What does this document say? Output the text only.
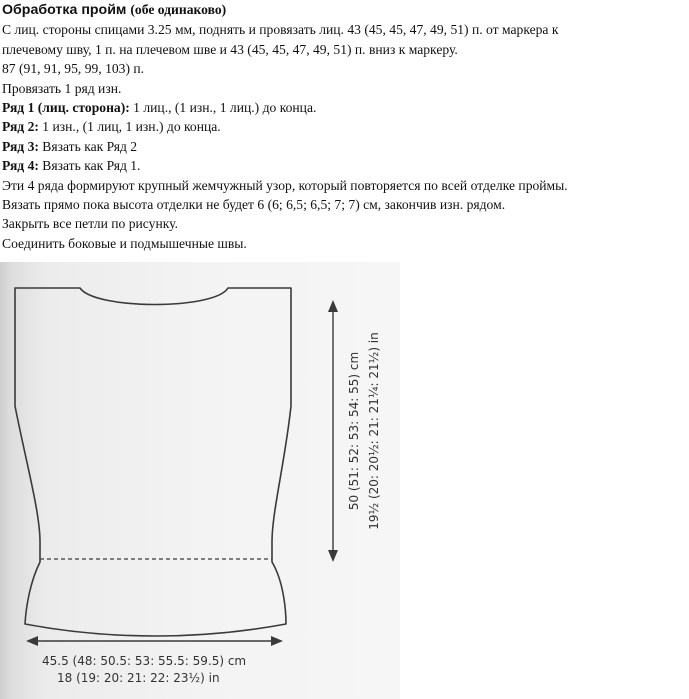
Обработка пройм (обе одинаково)
С лиц. стороны спицами 3.25 мм, поднять и провязать лиц. 43 (45, 45, 47, 49, 51) п. от маркера к
плечевому шву, 1 п. на плечевом шве и 43 (45, 45, 47, 49, 51) п. вниз к маркеру.
87 (91, 91, 95, 99, 103) п.
Провязать 1 ряд изн.
Ряд 1 (лиц. сторона): 1 лиц., (1 изн., 1 лиц.) до конца.
Ряд 2: 1 изн., (1 лиц, 1 изн.) до конца.
Ряд 3: Вязать как Ряд 2
Ряд 4: Вязать как Ряд 1.
Эти 4 ряда формируют крупный жемчужный узор, который повторяется по всей отделке проймы.
Вязать прямо пока высота отделки не будет 6 (6; 6,5; 6,5; 7; 7) см, закончив изн. рядом.
Закрыть все петли по рисунку.
Соединить боковые и подмышечные швы.
50 (51: 52: 53: 54: 55) cm 19½ (20: 20½: 21: 21¼: 21½) in
45.5 (48: 50.5: 53: 55.5: 59.5) cm
18 (19: 20: 21: 22: 23½) in
